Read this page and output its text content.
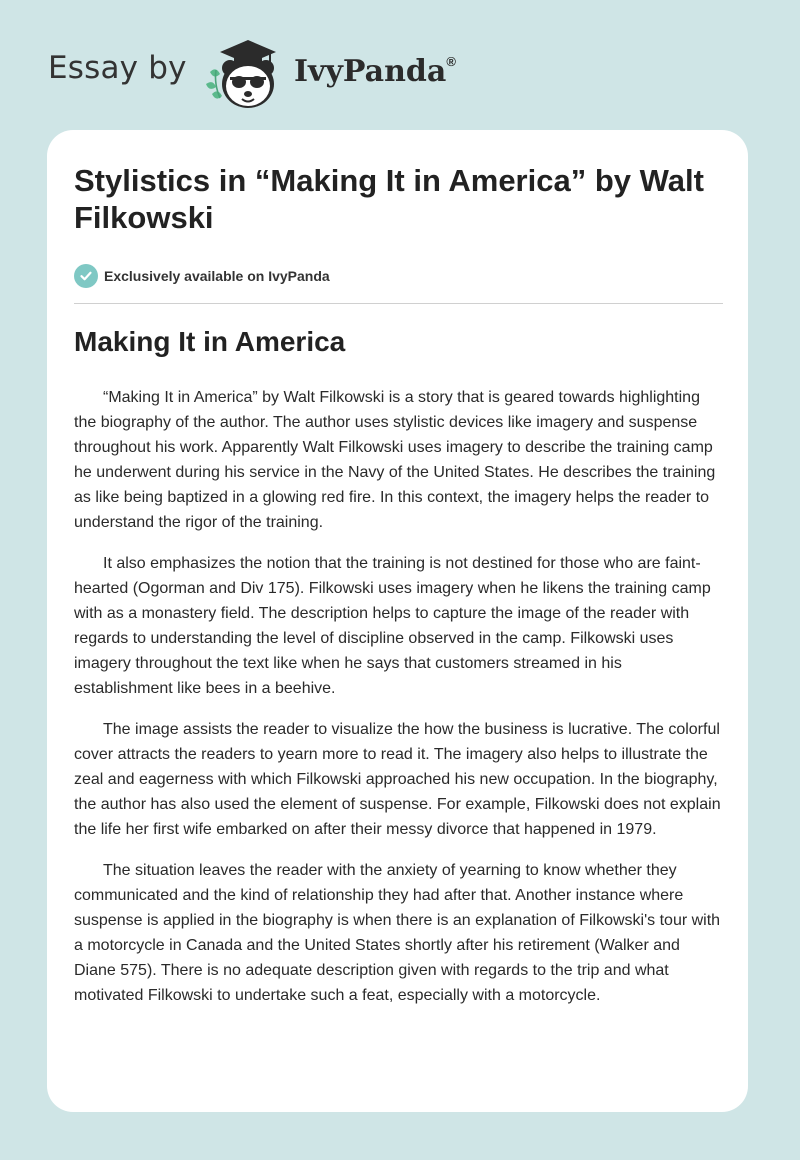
Essay by	IvyPanda®
Stylistics in “Making It in America” by Walt Filkowski
Exclusively available on IvyPanda
Making It in America

“Making It in America” by Walt Filkowski is a story that is geared towards highlighting the biography of the author. The author uses stylistic devices like imagery and suspense throughout his work. Apparently Walt Filkowski uses imagery to describe the training camp he underwent during his service in the Navy of the United States. He describes the training as like being baptized in a glowing red fire. In this context, the imagery helps the reader to understand the rigor of the training.

It also emphasizes the notion that the training is not destined for those who are faint-hearted (Ogorman and Div 175). Filkowski uses imagery when he likens the training camp with as a monastery field. The description helps to capture the image of the reader with regards to understanding the level of discipline observed in the camp. Filkowski uses imagery throughout the text like when he says that customers streamed in his establishment like bees in a beehive.

The image assists the reader to visualize the how the business is lucrative. The colorful cover attracts the readers to yearn more to read it. The imagery also helps to illustrate the zeal and eagerness with which Filkowski approached his new occupation. In the biography, the author has also used the element of suspense. For example, Filkowski does not explain the life her first wife embarked on after their messy divorce that happened in 1979.

The situation leaves the reader with the anxiety of yearning to know whether they communicated and the kind of relationship they had after that. Another instance where suspense is applied in the biography is when there is an explanation of Filkowski's tour with a motorcycle in Canada and the United States shortly after his retirement (Walker and Diane 575). There is no adequate description given with regards to the trip and what motivated Filkowski to undertake such a feat, especially with a motorcycle.
